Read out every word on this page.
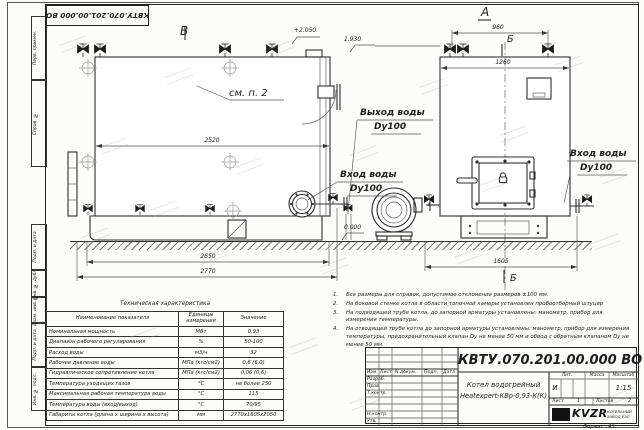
Перв. примен.
Справ. №
Подп. и дата
Инв. № дубл.
Взам. инв. №
Подп. и дата
Инв. № подл.
КВТУ.070.201.00.000 ВО
В
А
Б
Б
см. п. 2
+2.050
1.930
0.000
Выход воды
Dy100
Вход воды
Dy100
Вход воды
Dy100
2520
960
1260
2650
2770
1605
Техническая характеристика
Наименование показателя	Единицы измерения	Значение
Номинальная мощность	МВт	0,93
Диапазон рабочего регулирования	%	50-100
Расход воды	м3/ч	32
Рабочее давление воды	МПа (кгс/см2)	0,6 (6,0)
Гидравлическое сопротивление котла	МПа (кгс/см2)	0,06 (0,6)
Температура уходящих газов	°С	не более 250
Максимальная рабочая температура воды	°С	115
Температура воды (вход/выход)	°С	70/95
Габариты котла (длина х ширина х высота)	мм	2770х1605х2050
1.	Все размеры для справок, допустимое отклонение размеров ±100 мм.
2.	На боковой стенке котла в области топочной камеры установлен пробоотборный штуцер
3.	На подводящей трубе котла, до запорной арматуры установлены: манометр, прибор для измерения температуры.
4.	На отводящей трубе котла до запорной арматуры установлены: манометр, прибор для измерения температуры, предохранительный клапан Dу не менее 50 мм и обвод с обратным клапаном Dу не менее 50 мм.
Изм. Лист N докум. Подп. Дата
Разраб.
Пров.
Т.контр.
Н.контр.
Утв.
КВТУ.070.201.00.000 ВО
Котел водогрейный
Heatexpert-КВр-0,93-К(К)
Лит.	Масса	Масштаб
И	1:15
Лист	1	Листов	2
KVZR КОТЕЛЬНЫЙ
ЗАВОД РЭП
Формат А3
